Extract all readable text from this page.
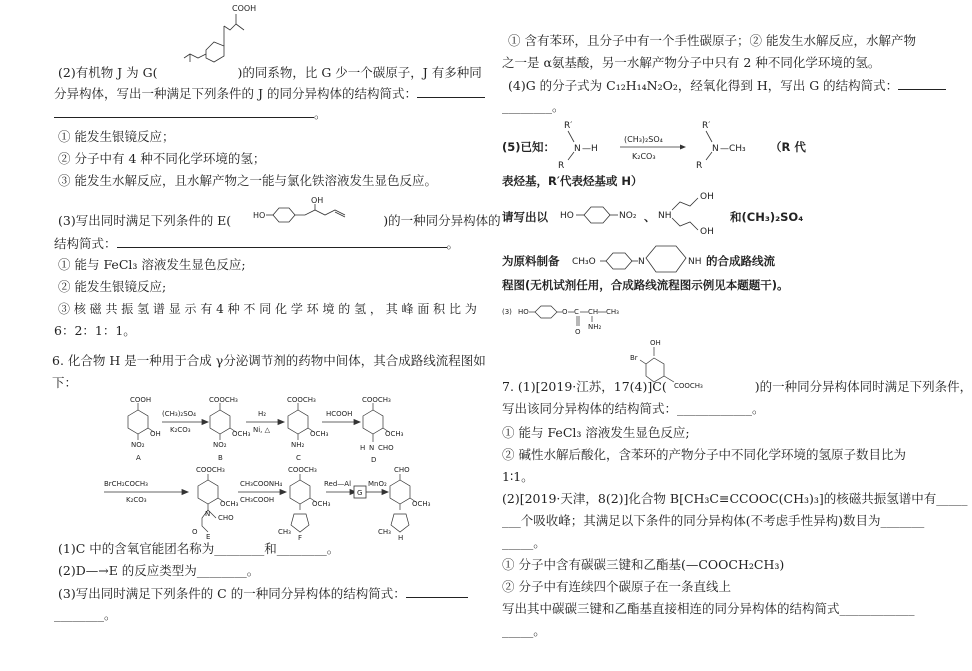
COOH
(2)有机物 J 为 G(	)的同系物，比 G 少一个碳原子，J 有多种同
分异构体，写出一种满足下列条件的 J 的同分异构体的结构简式：
。
① 能发生银镜反应；
② 分子中有 4 种不同化学环境的氢；
③ 能发生水解反应，且水解产物之一能与氯化铁溶液发生显色反应。
HO
OH
(3)写出同时满足下列条件的 E(	)的一种同分异构体的
结构简式：	。
① 能与 FeCl₃ 溶液发生显色反应;
② 能发生银镜反应;
③ 核 磁 共 振 氢 谱 显 示 有 4 种 不 同 化 学 环 境 的 氢 ， 其 峰 面 积 比 为
6：2：1：1。
6. 化合物 H 是一种用于合成 γ分泌调节剂的药物中间体，其合成路线流程图如
下：
COOH
OH
NO₂
A
(CH₃)₂SO₄
K₂CO₃
COOCH₃
OCH₃
NO₂
B
H₂
Ni, △
COOCH₃
OCH₃
NH₂
C
HCOOH
COOCH₃
OCH₃
H N CHO
D
BrCH₂COCH₃
K₂CO₃
COOCH₃
OCH₃
N CHO
O
E
CH₃COONH₄
CH₃COOH
COOCH₃
OCH₃
CH₃
F
Red—Al
G
MnO₂
CHO
OCH₃
CH₃
H
(1)C 中的含氧官能团名称为________和________。
(2)D—→E 的反应类型为________。
(3)写出同时满足下列条件的 C 的一种同分异构体的结构简式：
________。
① 含有苯环，且分子中有一个手性碳原子；② 能发生水解反应，水解产物
之一是 α氨基酸，另一水解产物分子中只有 2 种不同化学环境的氢。
(4)G 的分子式为 C₁₂H₁₄N₂O₂，经氧化得到 H，写出 G 的结构简式：
________。
(5)已知：
R′
R
N —H
(CH₃)₂SO₄
K₂CO₃
R′
R
N —CH₃ （R 代
表烃基，R′代表烃基或 H）
请写出以 HO	NO₂ 、 NH
OH
OH
和(CH₃)₂SO₄
为原料制备 CH₃O	N	NH 的合成路线流
程图(无机试剂任用，合成路线流程图示例见本题题干)。
(3) HO	O C
O
CH CH₃
NH₂
OH
Br
COOCH₃
7. (1)[2019·江苏，17(4)]C(	)的一种同分异构体同时满足下列条件，
写出该同分异构体的结构简式：____________。
① 能与 FeCl₃ 溶液发生显色反应;
② 碱性水解后酸化，含苯环的产物分子中不同化学环境的氢原子数目比为
1∶1。
(2)[2019·天津，8(2)]化合物 B[CH₃C≡CCOOC(CH₃)₃]的核磁共振氢谱中有_____
___个吸收峰；其满足以下条件的同分异构体(不考虑手性异构)数目为_______
_____。
① 分子中含有碳碳三键和乙酯基(—COOCH₂CH₃)
② 分子中有连续四个碳原子在一条直线上
写出其中碳碳三键和乙酯基直接相连的同分异构体的结构简式____________
_____。
